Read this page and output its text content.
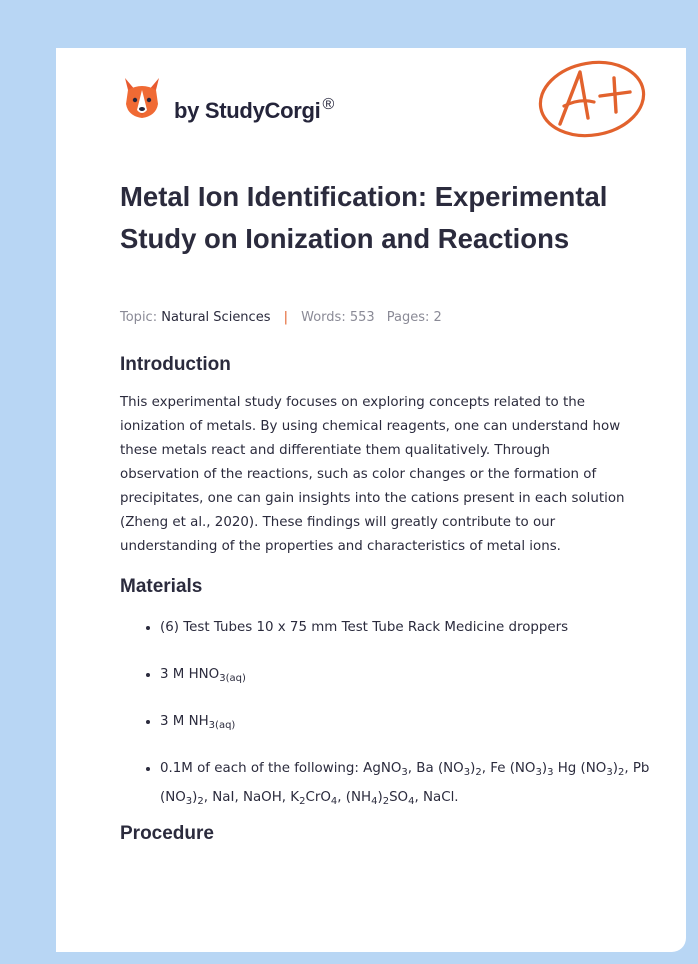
by StudyCorgi ®
Metal Ion Identification: Experimental Study on Ionization and Reactions
Topic: Natural Sciences | Words: 553 Pages: 2
Introduction

This experimental study focuses on exploring concepts related to the ionization of metals. By using chemical reagents, one can understand how these metals react and differentiate them qualitatively. Through observation of the reactions, such as color changes or the formation of precipitates, one can gain insights into the cations present in each solution (Zheng et al., 2020). These findings will greatly contribute to our understanding of the properties and characteristics of metal ions.

Materials
• (6) Test Tubes 10 x 75 mm Test Tube Rack Medicine droppers
• 3 M $HNO_{3(aq)}$
• 3 M $NH_{3(aq)}$
• 0.1M of each of the following: AgNO$_3$, Ba $(NO_3)_2$, Fe $(NO_3)_3$ Hg $(NO_3)_2$, Pb $(NO_3)_2$, NaI, NaOH, $K_2CrO_4$, $(NH_4)_2SO_4$, NaCl.
Procedure
